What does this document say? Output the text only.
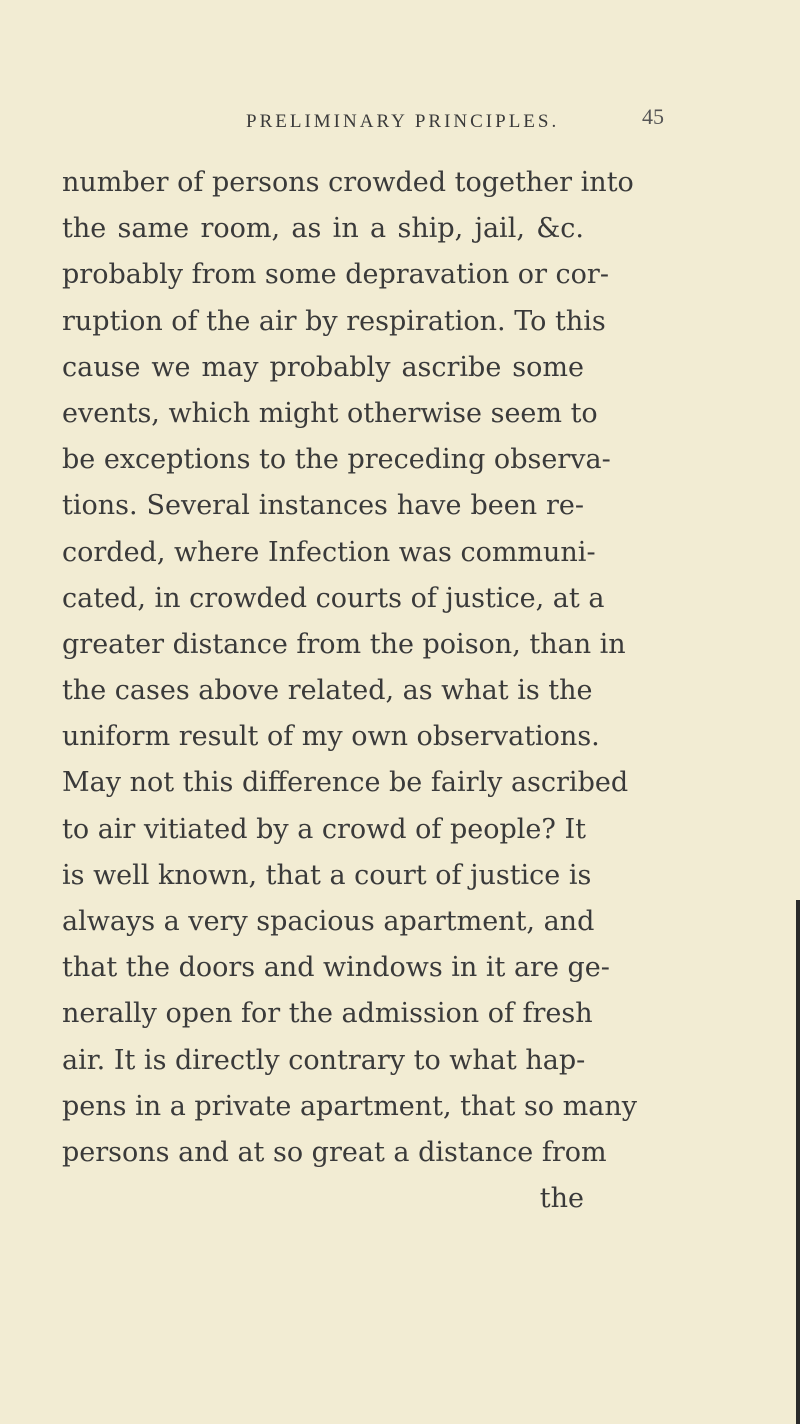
PRELIMINARY PRINCIPLES.	45
number of persons crowded together into
the same room, as in a ship, jail, &c.
probably from some depravation or cor-
ruption of the air by respiration. To this
cause we may probably ascribe some
events, which might otherwise seem to
be exceptions to the preceding observa-
tions. Several instances have been re-
corded, where Infection was communi-
cated, in crowded courts of justice, at a
greater distance from the poison, than in
the cases above related, as what is the
uniform result of my own observations.
May not this difference be fairly ascribed
to air vitiated by a crowd of people? It
is well known, that a court of justice is
always a very spacious apartment, and
that the doors and windows in it are ge-
nerally open for the admission of fresh
air. It is directly contrary to what hap-
pens in a private apartment, that so many
persons and at so great a distance from
the
